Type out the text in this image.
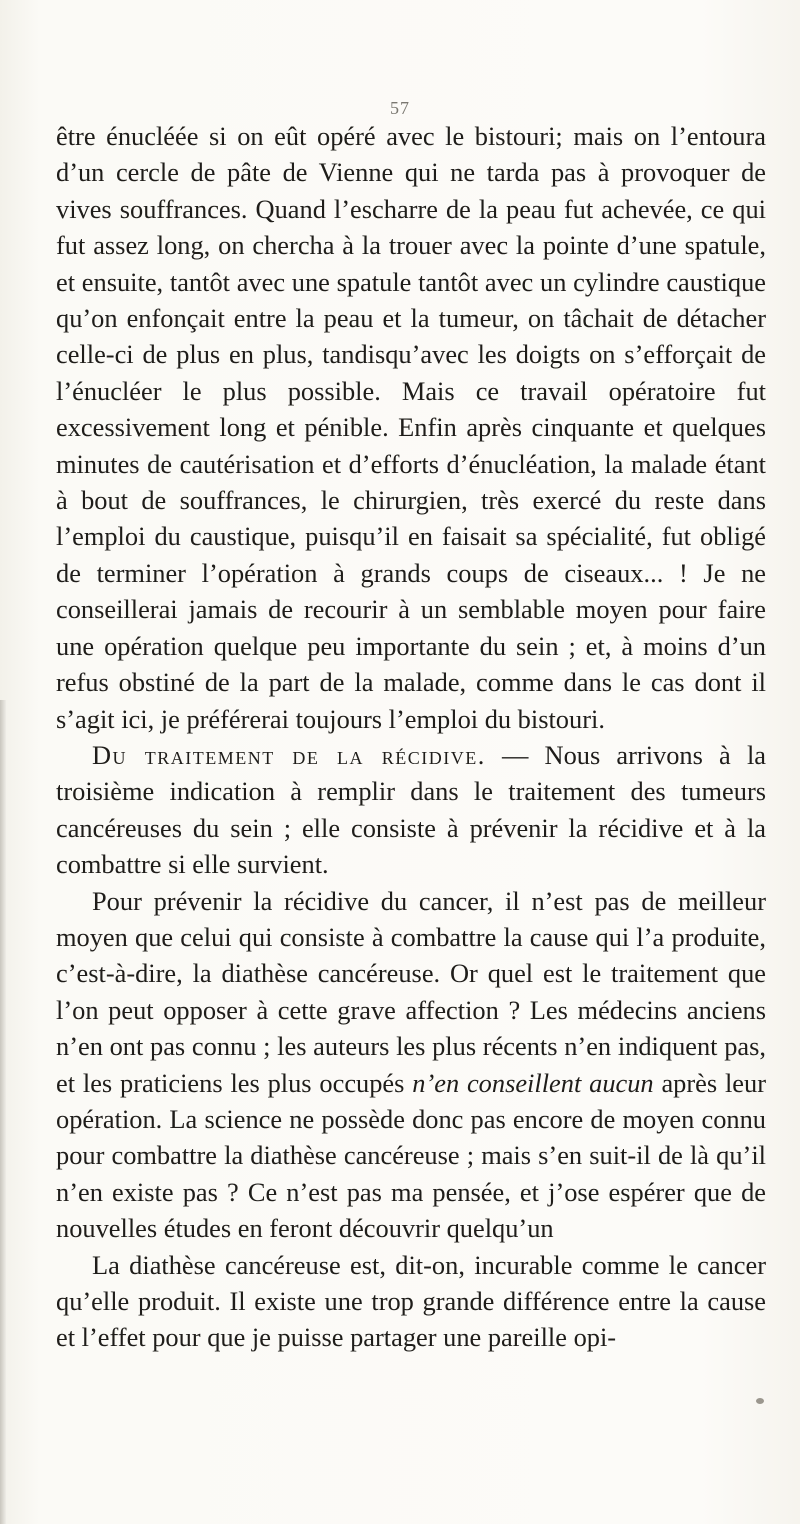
57

être énucléée si on eût opéré avec le bistouri; mais on l’entoura d’un cercle de pâte de Vienne qui ne tarda pas à provoquer de vives souffrances. Quand l’escharre de la peau fut achevée, ce qui fut assez long, on chercha à la trouer avec la pointe d’une spatule, et ensuite, tantôt avec une spatule tantôt avec un cylindre caustique qu’on enfonçait entre la peau et la tumeur, on tâchait de détacher celle-ci de plus en plus, tandisqu’avec les doigts on s’efforçait de l’énucléer le plus possible. Mais ce travail opératoire fut excessivement long et pénible. Enfin après cinquante et quelques minutes de cautérisation et d’efforts d’énucléation, la malade étant à bout de souffrances, le chirurgien, très exercé du reste dans l’emploi du caustique, puisqu’il en faisait sa spécialité, fut obligé de terminer l’opération à grands coups de ciseaux... ! Je ne conseillerai jamais de recourir à un semblable moyen pour faire une opération quelque peu importante du sein ; et, à moins d’un refus obstiné de la part de la malade, comme dans le cas dont il s’agit ici, je préférerai toujours l’emploi du bistouri.

Du traitement de la récidive. — Nous arrivons à la troisième indication à remplir dans le traitement des tumeurs cancéreuses du sein ; elle consiste à prévenir la récidive et à la combattre si elle survient.

Pour prévenir la récidive du cancer, il n’est pas de meilleur moyen que celui qui consiste à combattre la cause qui l’a produite, c’est-à-dire, la diathèse cancéreuse. Or quel est le traitement que l’on peut opposer à cette grave affection ? Les médecins anciens n’en ont pas connu ; les auteurs les plus récents n’en indiquent pas, et les praticiens les plus occupés n’en conseillent aucun après leur opération. La science ne possède donc pas encore de moyen connu pour combattre la diathèse cancéreuse ; mais s’en suit-il de là qu’il n’en existe pas ? Ce n’est pas ma pensée, et j’ose espérer que de nouvelles études en feront découvrir quelqu’un

La diathèse cancéreuse est, dit-on, incurable comme le cancer qu’elle produit. Il existe une trop grande différence entre la cause et l’effet pour que je puisse partager une pareille opi-
